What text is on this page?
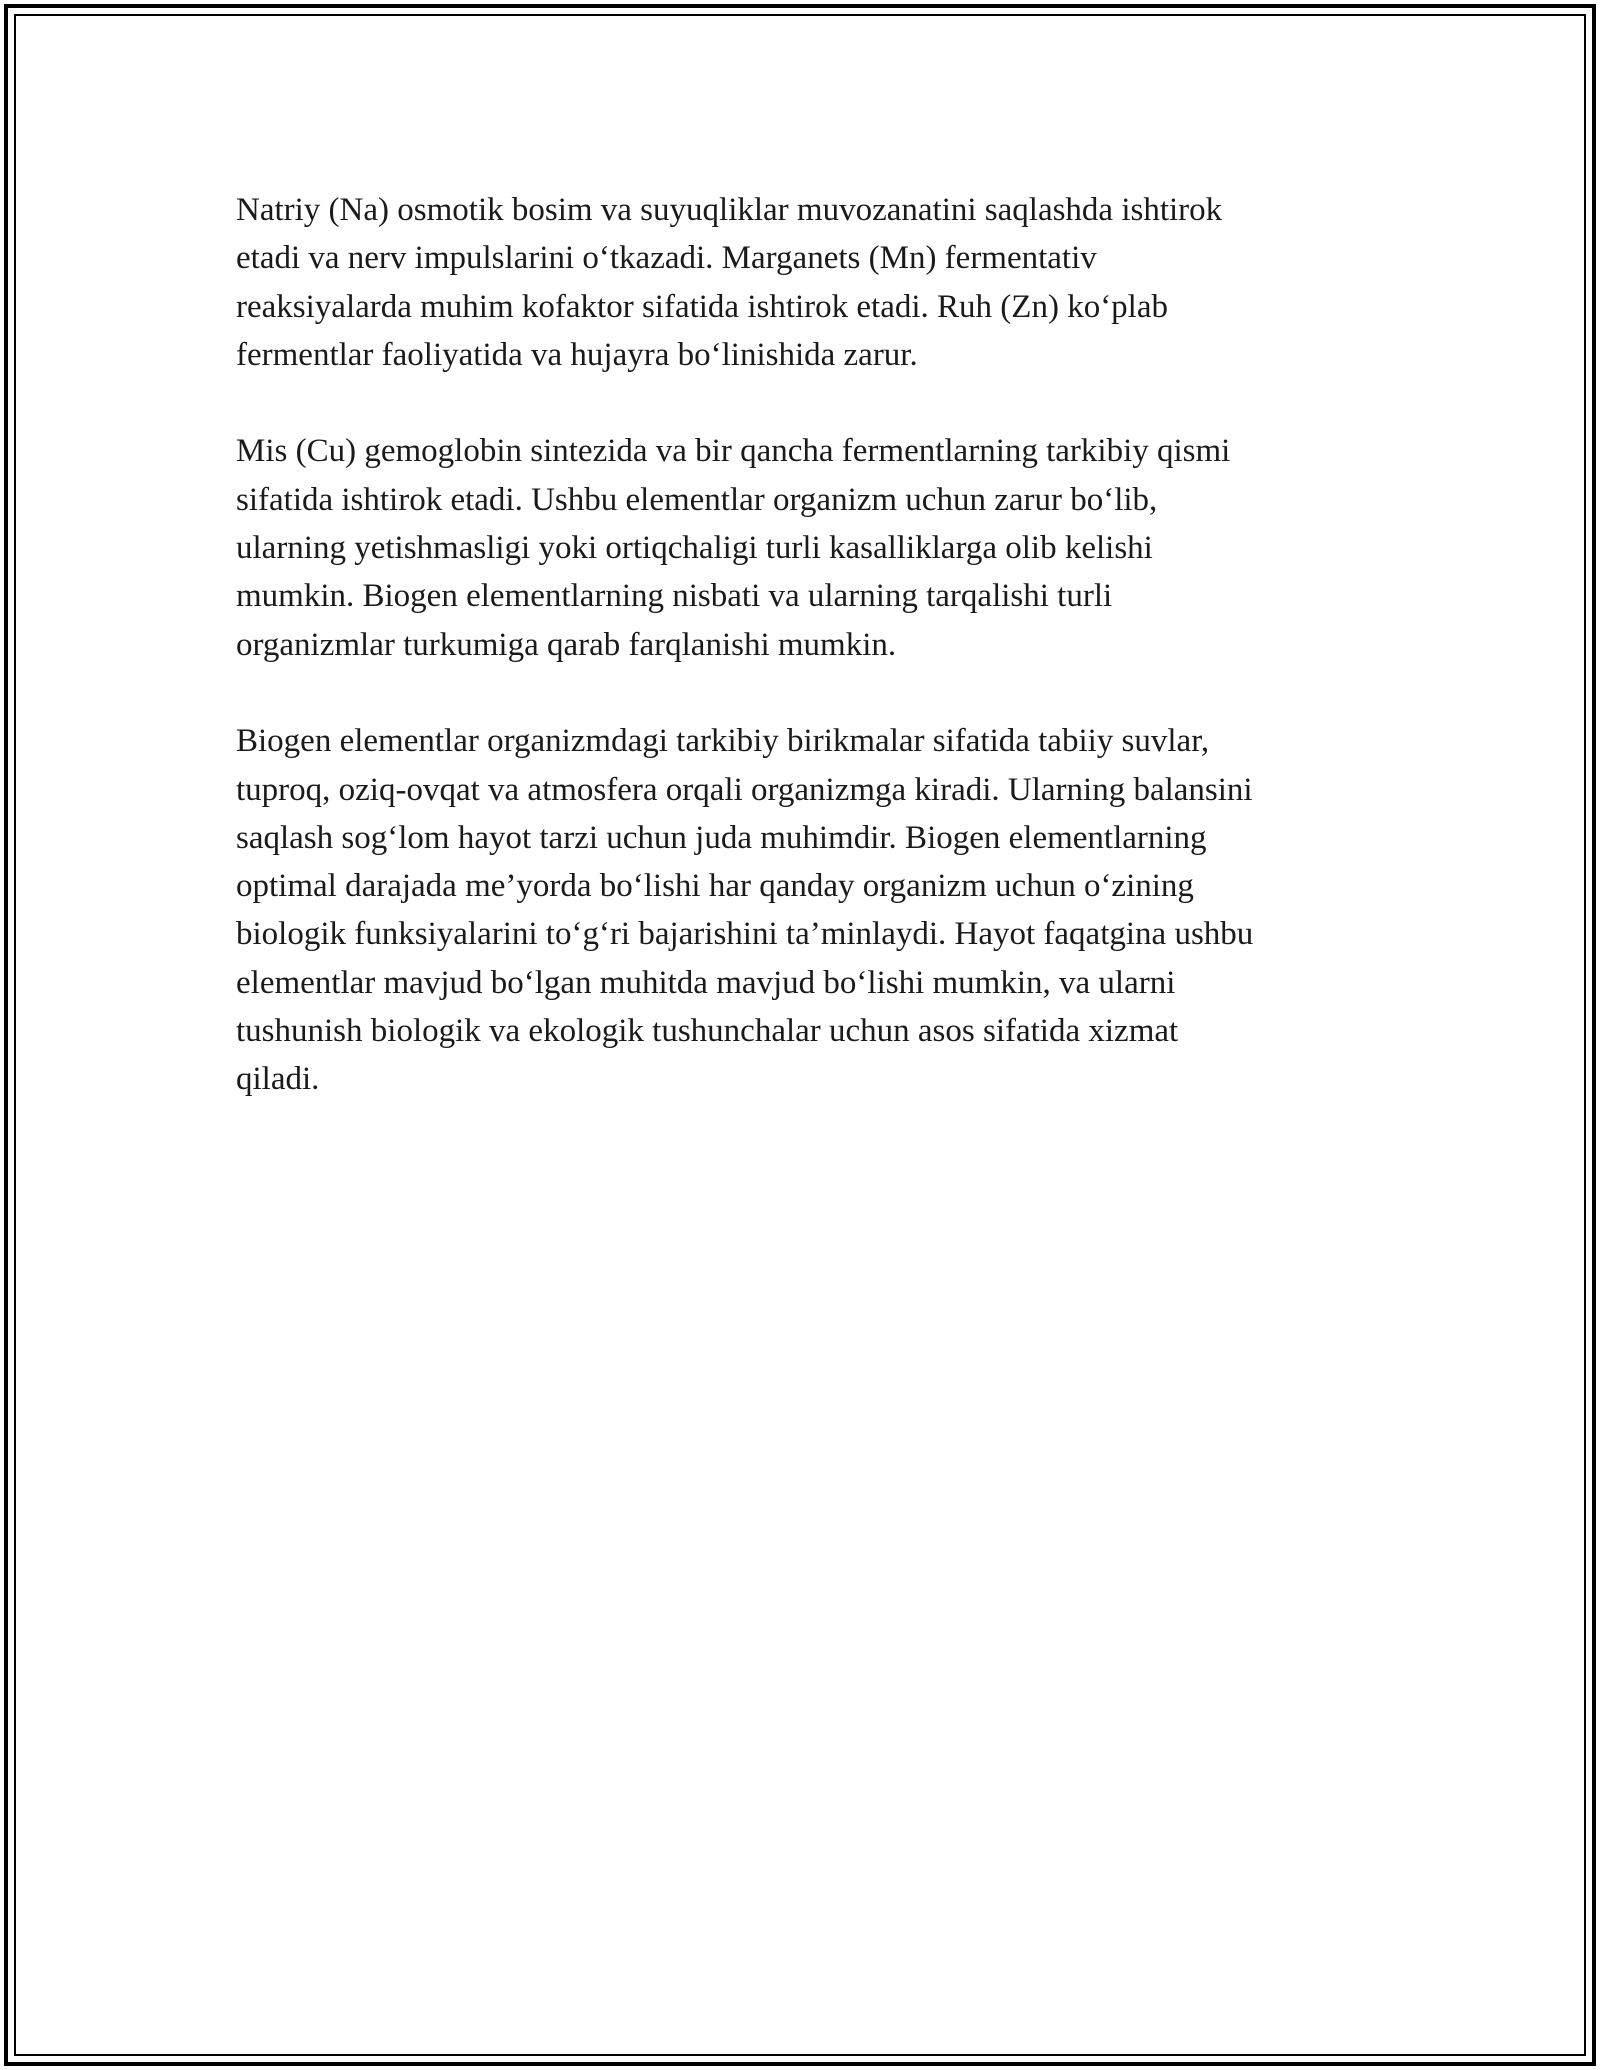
Natriy (Na) osmotik bosim va suyuqliklar muvozanatini saqlashda ishtirok
etadi va nerv impulslarini o‘tkazadi. Marganets (Mn) fermentativ
reaksiyalarda muhim kofaktor sifatida ishtirok etadi. Ruh (Zn) ko‘plab
fermentlar faoliyatida va hujayra bo‘linishida zarur.

Mis (Cu) gemoglobin sintezida va bir qancha fermentlarning tarkibiy qismi
sifatida ishtirok etadi. Ushbu elementlar organizm uchun zarur bo‘lib,
ularning yetishmasligi yoki ortiqchaligi turli kasalliklarga olib kelishi
mumkin. Biogen elementlarning nisbati va ularning tarqalishi turli
organizmlar turkumiga qarab farqlanishi mumkin.

Biogen elementlar organizmdagi tarkibiy birikmalar sifatida tabiiy suvlar,
tuproq, oziq-ovqat va atmosfera orqali organizmga kiradi. Ularning balansini
saqlash sog‘lom hayot tarzi uchun juda muhimdir. Biogen elementlarning
optimal darajada me’yorda bo‘lishi har qanday organizm uchun o‘zining
biologik funksiyalarini to‘g‘ri bajarishini ta’minlaydi. Hayot faqatgina ushbu
elementlar mavjud bo‘lgan muhitda mavjud bo‘lishi mumkin, va ularni
tushunish biologik va ekologik tushunchalar uchun asos sifatida xizmat
qiladi.
